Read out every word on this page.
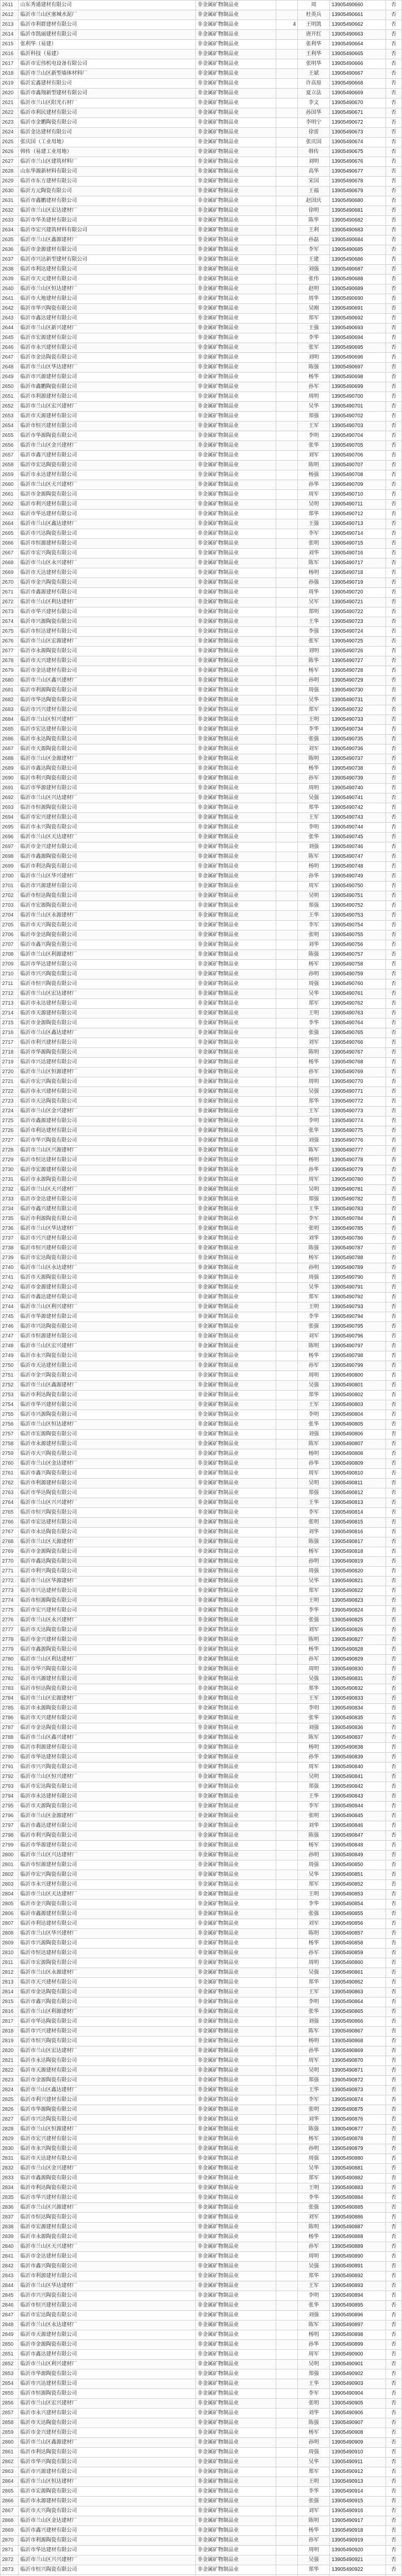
2611	山东秀通建材有限公司	非金属矿物制品业		周	13905490660	否
2612	临沂市兰山区塞城水泥厂	非金属矿物制品业		杜英兵	13905490661	否
2613	临沂市利群建材有限公司	非金属矿物制品业	4	王明凯	13905490662	否
2614	临沂市凯丽建材有限公司	非金属矿物制品业		唐开红	13905490663	否
2615	张利华（易建）	非金属矿物制品业		张利华	13905490664	否
2616	临沂科技（易建）	非金属矿物制品业		王利华	13905490665	否
2617	临沂市宏伟机电设备有限公司	非金属矿物制品业		张明华	13905490666	否
2618	临沂市兰山区新型墙体材料厂	非金属矿物制品业		王斌	13905490667	否
2619	临沂宏鑫建材有限公司	非金属矿物制品业		许高原	13905490668	否
2620	临沂市鑫翔新型建材有限公司	非金属矿物制品业		夏立法	13905490669	否
2621	临沂市兰山区阳光石材厂	非金属矿物制品业		李文	13905490670	否
2622	临沂市利民建材有限公司	非金属矿物制品业		孙国华	13905490671	否
2623	临沂市金鹏陶瓷有限公司	非金属矿物制品业		李明宁	13905490672	否
2624	临沂金达建材有限公司	非金属矿物制品业		徐雷	13905490673	否
2625	张庆国（工业用地）	非金属矿物制品业		张庆国	13905490674	否
2626	韩传（易建工业用地）	非金属矿物制品业		韩传	13905490675	否
2627	临沂市兰山区建筑材料厂	非金属矿物制品业		刘明	13905490676	否
2628	山东华源新材料有限公司	非金属矿物制品业		高华	13905490677	否
2629	临沂市东方建材有限公司	非金属矿物制品业		宋国	13905490678	否
2630	临沂方元陶瓷有限公司	非金属矿物制品业		王福	13905490679	否
2631	临沂市鑫鹏建材有限公司	非金属矿物制品业		赵国庆	13905490680	否
2632	临沂市兰山区宏达建材厂	非金属矿物制品业		徐明	13905490681	否
2633	临沂市华美建材有限公司	非金属矿物制品业		陈华	13905490682	否
2634	临沂市宏兴建筑材料有限公司	非金属矿物制品业		王利	13905490683	否
2635	临沂市兰山区鑫源建材厂	非金属矿物制品业		孙磊	13905490684	否
2636	临沂市金源建材有限公司	非金属矿物制品业		李军	13905490685	否
2637	临沂市兴达新型建材有限公司	非金属矿物制品业		王建	13905490686	否
2638	临沂市利达建材有限公司	非金属矿物制品业		刘强	13905490687	否
2639	临沂市天元建材有限公司	非金属矿物制品业		张伟	13905490688	否
2640	临沂市兰山区恒达建材厂	非金属矿物制品业		赵明	13905490689	否
2641	临沂市大地建材有限公司	非金属矿物制品业		周华	13905490690	否
2642	临沂市华兴陶瓷有限公司	非金属矿物制品业		吴刚	13905490691	否
2643	临沂市鑫达建材有限公司	非金属矿物制品业		郑军	13905490692	否
2644	临沂市兰山区新兴建材厂	非金属矿物制品业		王强	13905490693	否
2645	临沂市宏源建材有限公司	非金属矿物制品业		李华	13905490694	否
2646	临沂市永兴建材有限公司	非金属矿物制品业		张军	13905490695	否
2647	临沂市金达陶瓷有限公司	非金属矿物制品业		刘明	13905490696	否
2648	临沂市兰山区华达建材厂	非金属矿物制品业		陈强	13905490697	否
2649	临沂市兴源建材有限公司	非金属矿物制品业		杨华	13905490698	否
2650	临沂市鑫鹏陶瓷有限公司	非金属矿物制品业		孙军	13905490699	否
2651	临沂市利源建材有限公司	非金属矿物制品业		周明	13905490700	否
2652	临沂市兰山区宏兴建材厂	非金属矿物制品业		吴华	13905490701	否
2653	临沂市天源建材有限公司	非金属矿物制品业		郑强	13905490702	否
2654	临沂市恒兴建材有限公司	非金属矿物制品业		王军	13905490703	否
2655	临沂市华源陶瓷有限公司	非金属矿物制品业		李明	13905490704	否
2656	临沂市兰山区金兴建材厂	非金属矿物制品业		张华	13905490705	否
2657	临沂市鑫兴建材有限公司	非金属矿物制品业		刘军	13905490706	否
2658	临沂市宏达陶瓷有限公司	非金属矿物制品业		陈明	13905490707	否
2659	临沂市永达建材有限公司	非金属矿物制品业		杨强	13905490708	否
2660	临沂市兰山区天兴建材厂	非金属矿物制品业		孙华	13905490709	否
2661	临沂市金源陶瓷有限公司	非金属矿物制品业		周军	13905490710	否
2662	临沂市利兴建材有限公司	非金属矿物制品业		吴明	13905490711	否
2663	临沂市华达建材有限公司	非金属矿物制品业		郑华	13905490712	否
2664	临沂市兰山区鑫达建材厂	非金属矿物制品业		王强	13905490713	否
2665	临沂市兴达陶瓷有限公司	非金属矿物制品业		李军	13905490714	否
2666	临沂市恒源建材有限公司	非金属矿物制品业		张明	13905490715	否
2667	临沂市宏兴陶瓷有限公司	非金属矿物制品业		刘华	13905490716	否
2668	临沂市兰山区永兴建材厂	非金属矿物制品业		陈军	13905490717	否
2669	临沂市天达建材有限公司	非金属矿物制品业		杨明	13905490718	否
2670	临沂市金兴陶瓷有限公司	非金属矿物制品业		孙强	13905490719	否
2671	临沂市鑫源建材有限公司	非金属矿物制品业		周华	13905490720	否
2672	临沂市兰山区利达建材厂	非金属矿物制品业		吴军	13905490721	否
2673	临沂市华兴建材有限公司	非金属矿物制品业		郑明	13905490722	否
2674	临沂市兴源陶瓷有限公司	非金属矿物制品业		王华	13905490723	否
2675	临沂市恒达建材有限公司	非金属矿物制品业		李强	13905490724	否
2676	临沂市兰山区宏源建材厂	非金属矿物制品业		张军	13905490725	否
2677	临沂市永源陶瓷有限公司	非金属矿物制品业		刘明	13905490726	否
2678	临沂市天兴建材有限公司	非金属矿物制品业		陈华	13905490727	否
2679	临沂市金达建材有限公司	非金属矿物制品业		杨军	13905490728	否
2680	临沂市兰山区鑫兴建材厂	非金属矿物制品业		孙明	13905490729	否
2681	临沂市利源陶瓷有限公司	非金属矿物制品业		周强	13905490730	否
2682	临沂市华达陶瓷有限公司	非金属矿物制品业		吴华	13905490731	否
2683	临沂市兴兴建材有限公司	非金属矿物制品业		郑军	13905490732	否
2684	临沂市兰山区恒兴建材厂	非金属矿物制品业		王明	13905490733	否
2685	临沂市宏达建材有限公司	非金属矿物制品业		李华	13905490734	否
2686	临沂市永达陶瓷有限公司	非金属矿物制品业		张强	13905490735	否
2687	临沂市天源陶瓷有限公司	非金属矿物制品业		刘军	13905490736	否
2688	临沂市兰山区金源建材厂	非金属矿物制品业		陈明	13905490737	否
2689	临沂市鑫达陶瓷有限公司	非金属矿物制品业		杨华	13905490738	否
2690	临沂市利兴陶瓷有限公司	非金属矿物制品业		孙军	13905490739	否
2691	临沂市华源建材有限公司	非金属矿物制品业		周明	13905490740	否
2692	临沂市兰山区兴达建材厂	非金属矿物制品业		吴强	13905490741	否
2693	临沂市恒源陶瓷有限公司	非金属矿物制品业		郑华	13905490742	否
2694	临沂市宏兴建材有限公司	非金属矿物制品业		王军	13905490743	否
2695	临沂市永兴陶瓷有限公司	非金属矿物制品业		李明	13905490744	否
2696	临沂市兰山区天达建材厂	非金属矿物制品业		张华	13905490745	否
2697	临沂市金兴建材有限公司	非金属矿物制品业		刘强	13905490746	否
2698	临沂市鑫源陶瓷有限公司	非金属矿物制品业		陈军	13905490747	否
2699	临沂市利达陶瓷有限公司	非金属矿物制品业		杨明	13905490748	否
2700	临沂市兰山区华兴建材厂	非金属矿物制品业		孙华	13905490749	否
2701	临沂市兴源建材有限公司	非金属矿物制品业		周军	13905490750	否
2702	临沂市恒达陶瓷有限公司	非金属矿物制品业		吴明	13905490751	否
2703	临沂市宏源陶瓷有限公司	非金属矿物制品业		郑强	13905490752	否
2704	临沂市兰山区永源建材厂	非金属矿物制品业		王华	13905490753	否
2705	临沂市天兴陶瓷有限公司	非金属矿物制品业		李军	13905490754	否
2706	临沂市金达陶瓷有限公司	非金属矿物制品业		张明	13905490755	否
2707	临沂市鑫兴陶瓷有限公司	非金属矿物制品业		刘华	13905490756	否
2708	临沂市兰山区利源建材厂	非金属矿物制品业		陈强	13905490757	否
2709	临沂市华达建材有限公司	非金属矿物制品业		杨军	13905490758	否
2710	临沂市兴兴陶瓷有限公司	非金属矿物制品业		孙明	13905490759	否
2711	临沂市恒兴陶瓷有限公司	非金属矿物制品业		周强	13905490760	否
2712	临沂市兰山区宏达建材厂	非金属矿物制品业		吴华	13905490761	否
2713	临沂市永达建材有限公司	非金属矿物制品业		郑军	13905490762	否
2714	临沂市天源建材有限公司	非金属矿物制品业		王明	13905490763	否
2715	临沂市金源陶瓷有限公司	非金属矿物制品业		李华	13905490764	否
2716	临沂市兰山区鑫达建材厂	非金属矿物制品业		张强	13905490765	否
2717	临沂市利兴建材有限公司	非金属矿物制品业		刘军	13905490766	否
2718	临沂市华源陶瓷有限公司	非金属矿物制品业		陈明	13905490767	否
2719	临沂市兴达建材有限公司	非金属矿物制品业		杨华	13905490768	否
2720	临沂市兰山区恒源建材厂	非金属矿物制品业		孙军	13905490769	否
2721	临沂市宏兴陶瓷有限公司	非金属矿物制品业		周明	13905490770	否
2722	临沂市永兴建材有限公司	非金属矿物制品业		吴强	13905490771	否
2723	临沂市天达陶瓷有限公司	非金属矿物制品业		郑华	13905490772	否
2724	临沂市兰山区金兴建材厂	非金属矿物制品业		王军	13905490773	否
2725	临沂市鑫源建材有限公司	非金属矿物制品业		李明	13905490774	否
2726	临沂市利达建材有限公司	非金属矿物制品业		张华	13905490775	否
2727	临沂市华兴陶瓷有限公司	非金属矿物制品业		刘强	13905490776	否
2728	临沂市兰山区兴源建材厂	非金属矿物制品业		陈军	13905490777	否
2729	临沂市恒达建材有限公司	非金属矿物制品业		杨明	13905490778	否
2730	临沂市宏源建材有限公司	非金属矿物制品业		孙华	13905490779	否
2731	临沂市永源陶瓷有限公司	非金属矿物制品业		周军	13905490780	否
2732	临沂市兰山区天兴建材厂	非金属矿物制品业		吴明	13905490781	否
2733	临沂市金达建材有限公司	非金属矿物制品业		郑强	13905490782	否
2734	临沂市鑫兴建材有限公司	非金属矿物制品业		王华	13905490783	否
2735	临沂市利源陶瓷有限公司	非金属矿物制品业		李军	13905490784	否
2736	临沂市兰山区华达建材厂	非金属矿物制品业		张明	13905490785	否
2737	临沂市兴兴建材有限公司	非金属矿物制品业		刘华	13905490786	否
2738	临沂市恒兴建材有限公司	非金属矿物制品业		陈强	13905490787	否
2739	临沂市宏达陶瓷有限公司	非金属矿物制品业		杨军	13905490788	否
2740	临沂市兰山区永达建材厂	非金属矿物制品业		孙明	13905490789	否
2741	临沂市天源陶瓷有限公司	非金属矿物制品业		周强	13905490790	否
2742	临沂市金源建材有限公司	非金属矿物制品业		吴华	13905490791	否
2743	临沂市鑫达建材有限公司	非金属矿物制品业		郑军	13905490792	否
2744	临沂市兰山区利兴建材厂	非金属矿物制品业		王明	13905490793	否
2745	临沂市华源建材有限公司	非金属矿物制品业		李华	13905490794	否
2746	临沂市兴达陶瓷有限公司	非金属矿物制品业		张强	13905490795	否
2747	临沂市恒源建材有限公司	非金属矿物制品业		刘军	13905490796	否
2748	临沂市兰山区宏兴建材厂	非金属矿物制品业		陈明	13905490797	否
2749	临沂市永兴陶瓷有限公司	非金属矿物制品业		杨华	13905490798	否
2750	临沂市天达建材有限公司	非金属矿物制品业		孙军	13905490799	否
2751	临沂市金兴陶瓷有限公司	非金属矿物制品业		周明	13905490800	否
2752	临沂市兰山区鑫源建材厂	非金属矿物制品业		吴强	13905490801	否
2753	临沂市利达陶瓷有限公司	非金属矿物制品业		郑华	13905490802	否
2754	临沂市华兴建材有限公司	非金属矿物制品业		王军	13905490803	否
2755	临沂市兴源陶瓷有限公司	非金属矿物制品业		李明	13905490804	否
2756	临沂市兰山区恒达建材厂	非金属矿物制品业		张华	13905490805	否
2757	临沂市宏源陶瓷有限公司	非金属矿物制品业		刘强	13905490806	否
2758	临沂市永源建材有限公司	非金属矿物制品业		陈军	13905490807	否
2759	临沂市天兴陶瓷有限公司	非金属矿物制品业		杨明	13905490808	否
2760	临沂市兰山区金达建材厂	非金属矿物制品业		孙华	13905490809	否
2761	临沂市鑫兴陶瓷有限公司	非金属矿物制品业		周军	13905490810	否
2762	临沂市利源建材有限公司	非金属矿物制品业		吴明	13905490811	否
2763	临沂市华达陶瓷有限公司	非金属矿物制品业		郑强	13905490812	否
2764	临沂市兰山区兴兴建材厂	非金属矿物制品业		王华	13905490813	否
2765	临沂市恒兴陶瓷有限公司	非金属矿物制品业		李军	13905490814	否
2766	临沂市宏达建材有限公司	非金属矿物制品业		张明	13905490815	否
2767	临沂市永达陶瓷有限公司	非金属矿物制品业		刘华	13905490816	否
2768	临沂市兰山区天源建材厂	非金属矿物制品业		陈强	13905490817	否
2769	临沂市金源陶瓷有限公司	非金属矿物制品业		杨军	13905490818	否
2770	临沂市鑫达陶瓷有限公司	非金属矿物制品业		孙明	13905490819	否
2771	临沂市利兴陶瓷有限公司	非金属矿物制品业		周强	13905490820	否
2772	临沂市兰山区华源建材厂	非金属矿物制品业		吴华	13905490821	否
2773	临沂市兴达建材有限公司	非金属矿物制品业		郑军	13905490822	否
2774	临沂市恒源陶瓷有限公司	非金属矿物制品业		王明	13905490823	否
2775	临沂市宏兴建材有限公司	非金属矿物制品业		李华	13905490824	否
2776	临沂市兰山区永兴建材厂	非金属矿物制品业		张强	13905490825	否
2777	临沂市天达陶瓷有限公司	非金属矿物制品业		刘军	13905490826	否
2778	临沂市金兴建材有限公司	非金属矿物制品业		陈明	13905490827	否
2779	临沂市鑫源陶瓷有限公司	非金属矿物制品业		杨华	13905490828	否
2780	临沂市兰山区利达建材厂	非金属矿物制品业		孙军	13905490829	否
2781	临沂市华兴陶瓷有限公司	非金属矿物制品业		周明	13905490830	否
2782	临沂市兴源建材有限公司	非金属矿物制品业		吴强	13905490831	否
2783	临沂市恒达陶瓷有限公司	非金属矿物制品业		郑华	13905490832	否
2784	临沂市兰山区宏源建材厂	非金属矿物制品业		王军	13905490833	否
2785	临沂市永源陶瓷有限公司	非金属矿物制品业		李明	13905490834	否
2786	临沂市天兴建材有限公司	非金属矿物制品业		张华	13905490835	否
2787	临沂市金达陶瓷有限公司	非金属矿物制品业		刘强	13905490836	否
2788	临沂市兰山区鑫兴建材厂	非金属矿物制品业		陈军	13905490837	否
2789	临沂市利源建材有限公司	非金属矿物制品业		杨明	13905490838	否
2790	临沂市华达建材有限公司	非金属矿物制品业		孙华	13905490839	否
2791	临沂市兴兴陶瓷有限公司	非金属矿物制品业		周军	13905490840	否
2792	临沂市兰山区恒兴建材厂	非金属矿物制品业		吴明	13905490841	否
2793	临沂市宏达陶瓷有限公司	非金属矿物制品业		郑强	13905490842	否
2794	临沂市永达建材有限公司	非金属矿物制品业		王华	13905490843	否
2795	临沂市天源陶瓷有限公司	非金属矿物制品业		李军	13905490844	否
2796	临沂市兰山区金源建材厂	非金属矿物制品业		张明	13905490845	否
2797	临沂市鑫达建材有限公司	非金属矿物制品业		刘华	13905490846	否
2798	临沂市利兴陶瓷有限公司	非金属矿物制品业		陈强	13905490847	否
2799	临沂市华源建材有限公司	非金属矿物制品业		杨军	13905490848	否
2800	临沂市兰山区兴达建材厂	非金属矿物制品业		孙明	13905490849	否
2801	临沂市恒源建材有限公司	非金属矿物制品业		周强	13905490850	否
2802	临沂市宏兴陶瓷有限公司	非金属矿物制品业		吴华	13905490851	否
2803	临沂市永兴建材有限公司	非金属矿物制品业		郑军	13905490852	否
2804	临沂市兰山区天达建材厂	非金属矿物制品业		王明	13905490853	否
2805	临沂市金兴陶瓷有限公司	非金属矿物制品业		李华	13905490854	否
2806	临沂市鑫源建材有限公司	非金属矿物制品业		张强	13905490855	否
2807	临沂市利达建材有限公司	非金属矿物制品业		刘军	13905490856	否
2808	临沂市兰山区华兴建材厂	非金属矿物制品业		陈明	13905490857	否
2809	临沂市兴源陶瓷有限公司	非金属矿物制品业		杨华	13905490858	否
2810	临沂市恒达建材有限公司	非金属矿物制品业		孙军	13905490859	否
2811	临沂市宏源陶瓷有限公司	非金属矿物制品业		周明	13905490860	否
2812	临沂市兰山区永源建材厂	非金属矿物制品业		吴强	13905490861	否
2813	临沂市天兴建材有限公司	非金属矿物制品业		郑华	13905490862	否
2814	临沂市金达陶瓷有限公司	非金属矿物制品业		王军	13905490863	否
2815	临沂市鑫兴陶瓷有限公司	非金属矿物制品业		李明	13905490864	否
2816	临沂市兰山区利源建材厂	非金属矿物制品业		张华	13905490865	否
2817	临沂市华达陶瓷有限公司	非金属矿物制品业		刘强	13905490866	否
2818	临沂市兴兴建材有限公司	非金属矿物制品业		陈军	13905490867	否
2819	临沂市恒兴陶瓷有限公司	非金属矿物制品业		杨明	13905490868	否
2820	临沂市兰山区宏达建材厂	非金属矿物制品业		孙华	13905490869	否
2821	临沂市永达陶瓷有限公司	非金属矿物制品业		周军	13905490870	否
2822	临沂市天源建材有限公司	非金属矿物制品业		吴明	13905490871	否
2823	临沂市金源陶瓷有限公司	非金属矿物制品业		郑强	13905490872	否
2824	临沂市兰山区鑫达建材厂	非金属矿物制品业		王华	13905490873	否
2825	临沂市利兴建材有限公司	非金属矿物制品业		李军	13905490874	否
2826	临沂市华源陶瓷有限公司	非金属矿物制品业		张明	13905490875	否
2827	临沂市兴达陶瓷有限公司	非金属矿物制品业		刘华	13905490876	否
2828	临沂市兰山区恒源建材厂	非金属矿物制品业		陈强	13905490877	否
2829	临沂市宏兴建材有限公司	非金属矿物制品业		杨军	13905490878	否
2830	临沂市永兴陶瓷有限公司	非金属矿物制品业		孙明	13905490879	否
2831	临沂市天达建材有限公司	非金属矿物制品业		周强	13905490880	否
2832	临沂市兰山区金兴建材厂	非金属矿物制品业		吴华	13905490881	否
2833	临沂市鑫源陶瓷有限公司	非金属矿物制品业		郑军	13905490882	否
2834	临沂市利达陶瓷有限公司	非金属矿物制品业		王明	13905490883	否
2835	临沂市华兴建材有限公司	非金属矿物制品业		李华	13905490884	否
2836	临沂市兰山区兴源建材厂	非金属矿物制品业		张强	13905490885	否
2837	临沂市恒达陶瓷有限公司	非金属矿物制品业		刘军	13905490886	否
2838	临沂市宏源建材有限公司	非金属矿物制品业		陈明	13905490887	否
2839	临沂市永源陶瓷有限公司	非金属矿物制品业		杨华	13905490888	否
2840	临沂市兰山区天兴建材厂	非金属矿物制品业		孙军	13905490889	否
2841	临沂市金达建材有限公司	非金属矿物制品业		周明	13905490890	否
2842	临沂市鑫兴陶瓷有限公司	非金属矿物制品业		吴强	13905490891	否
2843	临沂市利源建材有限公司	非金属矿物制品业		郑华	13905490892	否
2844	临沂市兰山区华达建材厂	非金属矿物制品业		王军	13905490893	否
2845	临沂市兴兴陶瓷有限公司	非金属矿物制品业		李明	13905490894	否
2846	临沂市恒兴建材有限公司	非金属矿物制品业		张华	13905490895	否
2847	临沂市宏达陶瓷有限公司	非金属矿物制品业		刘强	13905490896	否
2848	临沂市兰山区永达建材厂	非金属矿物制品业		陈军	13905490897	否
2849	临沂市天源建材有限公司	非金属矿物制品业		杨明	13905490898	否
2850	临沂市金源陶瓷有限公司	非金属矿物制品业		孙华	13905490899	否
2851	临沂市鑫达建材有限公司	非金属矿物制品业		周军	13905490900	否
2852	临沂市兰山区利兴建材厂	非金属矿物制品业		吴明	13905490901	否
2853	临沂市华源陶瓷有限公司	非金属矿物制品业		郑强	13905490902	否
2854	临沂市兴达建材有限公司	非金属矿物制品业		王华	13905490903	否
2855	临沂市恒源陶瓷有限公司	非金属矿物制品业		李军	13905490904	否
2856	临沂市兰山区宏兴建材厂	非金属矿物制品业		张明	13905490905	否
2857	临沂市永兴建材有限公司	非金属矿物制品业		刘华	13905490906	否
2858	临沂市天达陶瓷有限公司	非金属矿物制品业		陈强	13905490907	否
2859	临沂市金兴建材有限公司	非金属矿物制品业		杨军	13905490908	否
2860	临沂市兰山区鑫源建材厂	非金属矿物制品业		孙明	13905490909	否
2861	临沂市利达陶瓷有限公司	非金属矿物制品业		周强	13905490910	否
2862	临沂市华兴陶瓷有限公司	非金属矿物制品业		吴华	13905490911	否
2863	临沂市兴源建材有限公司	非金属矿物制品业		郑军	13905490912	否
2864	临沂市兰山区恒达建材厂	非金属矿物制品业		王明	13905490913	否
2865	临沂市宏源陶瓷有限公司	非金属矿物制品业		李华	13905490914	否
2866	临沂市永源建材有限公司	非金属矿物制品业		张强	13905490915	否
2867	临沂市天兴陶瓷有限公司	非金属矿物制品业		刘军	13905490916	否
2868	临沂市兰山区金达建材厂	非金属矿物制品业		陈明	13905490917	否
2869	临沂市鑫兴建材有限公司	非金属矿物制品业		杨华	13905490918	否
2870	临沂市利源陶瓷有限公司	非金属矿物制品业		孙军	13905490919	否
2871	临沂市华达建材有限公司	非金属矿物制品业		周明	13905490920	否
2872	临沂市兰山区兴兴建材厂	非金属矿物制品业		吴强	13905490921	否
2873	临沂市恒兴陶瓷有限公司	非金属矿物制品业		郑华	13905490922	否
